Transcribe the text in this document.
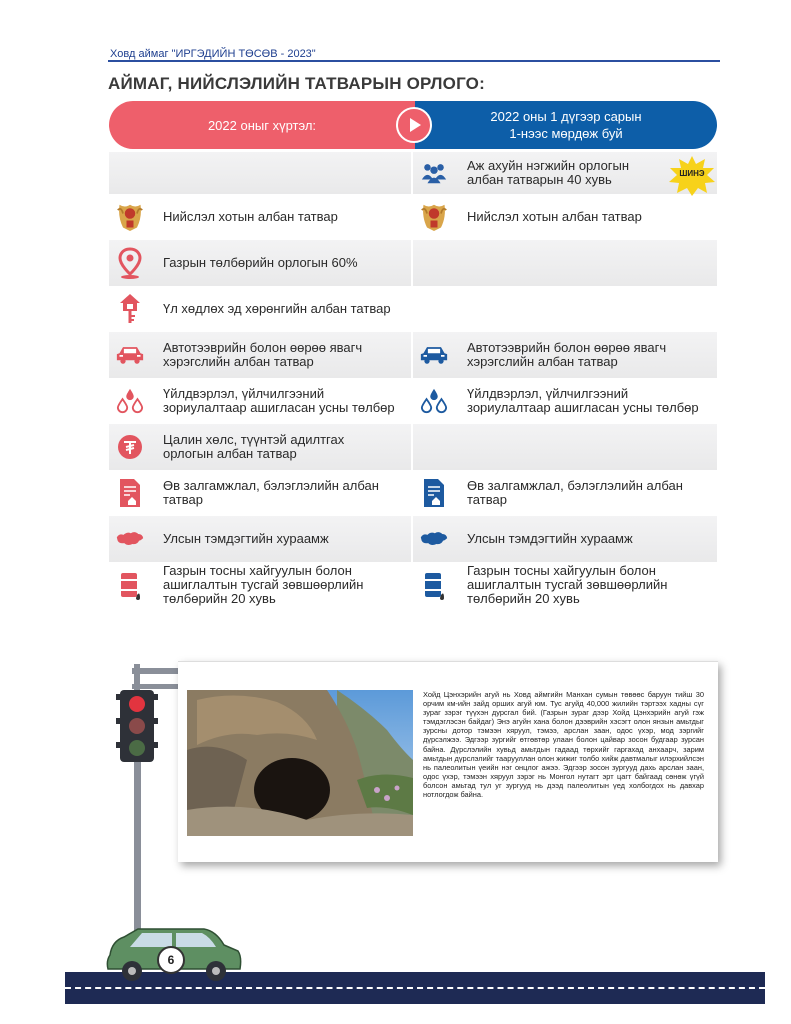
Ховд аймаг "ИРГЭДИЙН ТӨСӨВ - 2023"
АЙМАГ, НИЙСЛЭЛИЙН ТАТВАРЫН ОРЛОГО:
2022 оныг хүртэл:
2022 оны 1 дүгээр сарын
1-нээс мөрдөж буй
Аж ахуйн нэгжийн орлогын
албан татварын 40 хувь
Нийслэл хотын албан татвар	Нийслэл хотын албан татвар
Газрын төлбөрийн орлогын 60%
Үл хөдлөх эд хөрөнгийн албан татвар
Автотээврийн болон өөрөө явагч
хэрэгслийн албан татвар
Автотээврийн болон өөрөө явагч
хэрэгслийн албан татвар
Үйлдвэрлэл, үйлчилгээний
зориулалтаар ашигласан усны төлбөр
Үйлдвэрлэл, үйлчилгээний
зориулалтаар ашигласан усны төлбөр
Цалин хөлс, түүнтэй адилтгах
орлогын албан татвар
Өв залгамжлал, бэлэглэлийн албан
татвар
Өв залгамжлал, бэлэглэлийн албан
татвар
Улсын тэмдэгтийн хураамж	Улсын тэмдэгтийн хураамж
Газрын тосны хайгуулын болон
ашиглалтын тусгай зөвшөөрлийн
төлбөрийн 20 хувь
Газрын тосны хайгуулын болон
ашиглалтын тусгай зөвшөөрлийн
төлбөрийн 20 хувь
ШИНЭ
Хойд Цэнхэрийн агуй нь Ховд аймгийн Манхан сумын төвөөс баруун тийш 30 орчим км-ийн зайд орших агуй юм. Тус агуйд 40,000 жилийн тэртээх хадны сүг зураг зэрэг түүхэн дурсгал бий. (Газрын зураг дээр Хойд Цэнхэрийн агуй гэж тэмдэглэсэн байдаг) Энэ агуйн хана болон дээврийн хэсэгт олон янзын амьтдыг зурсны дотор тэмээн хяруул, тэмээ, арслан заан, одос үхэр, мод зэргийг дүрсэлжээ. Эдгээр зургийг өтгөвтөр улаан болон цайвар зосон будгаар зурсан байна. Дүрслэлийн хувьд амьтдын гадаад төрхийг гаргахад анхаарч, зарим амьтдын дүрслэлийг таарууллан олон жижиг толбо хийж давтмалыг илэрхийлсэн нь палеолитын үеийн нэг онцлог ажээ. Эдгээр зосон зургууд дахь арслан заан, одос үхэр, тэмээн хяруул зэрэг нь Монгол нутагт эрт цагт байгаад сөнөж үгүй болсон амьтад тул уг зургууд нь дээд палеолитын үед холбогдох нь давхар нотлогдож байна.
6
